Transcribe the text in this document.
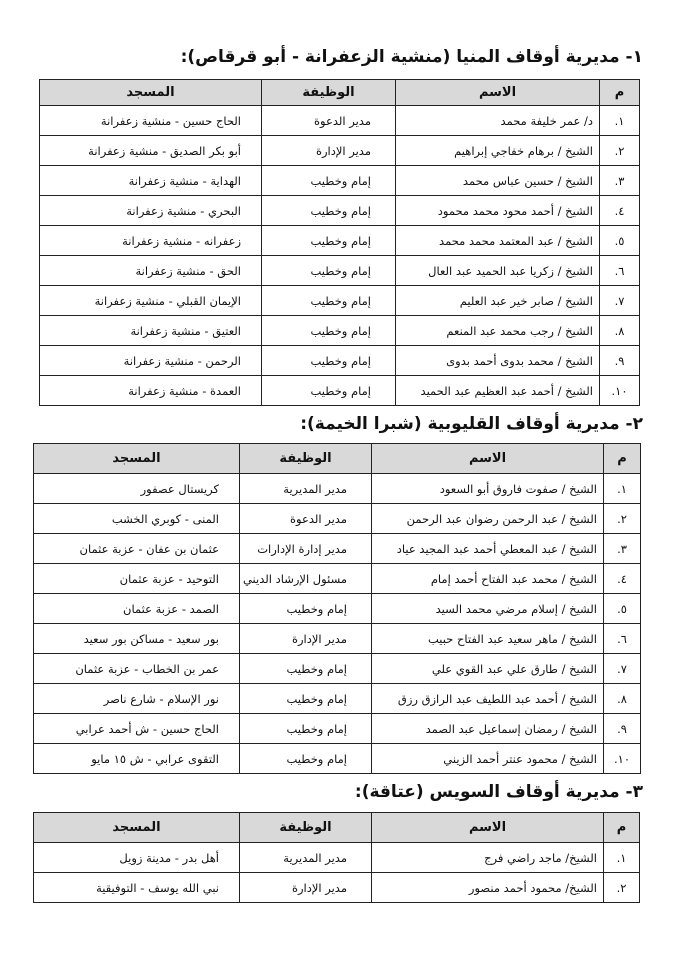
١- مديرية أوقاف المنيا (منشية الزعفرانة - أبو قرقاص):
م	الاسم	الوظيفة	المسجد
١.	د/ عمر خليفة محمد	مدير الدعوة	الحاج حسين - منشية زعفرانة
٢.	الشيخ / برهام خفاجي إبراهيم	مدير الإدارة	أبو بكر الصديق - منشية زعفرانة
٣.	الشيخ / حسين عباس محمد	إمام وخطيب	الهداية - منشية زعفرانة
٤.	الشيخ / أحمد محود محمد محمود	إمام وخطيب	البحري - منشية زعفرانة
٥.	الشيخ / عبد المعتمد محمد محمد	إمام وخطيب	زعفرانه - منشية زعفرانة
٦.	الشيخ / زكريا عبد الحميد عبد العال	إمام وخطيب	الحق - منشية زعفرانة
٧.	الشيخ / صابر خير عبد العليم	إمام وخطيب	الإيمان القبلي - منشية زعفرانة
٨.	الشيخ / رجب محمد عبد المنعم	إمام وخطيب	العتيق - منشية زعفرانة
٩.	الشيخ / محمد بدوى أحمد بدوى	إمام وخطيب	الرحمن - منشية زعفرانة
١٠.	الشيخ / أحمد عبد العظيم عبد الحميد	إمام وخطيب	العمدة - منشية زعفرانة
٢- مديرية أوقاف القليوبية (شبرا الخيمة):
م	الاسم	الوظيفة	المسجد
١.	الشيخ / صفوت فاروق أبو السعود	مدير المديرية	كريستال عصفور
٢.	الشيخ / عبد الرحمن رضوان عبد الرحمن	مدير الدعوة	المنى - كوبري الخشب
٣.	الشيخ / عبد المعطي أحمد عبد المجيد عياد	مدير إدارة الإدارات	عثمان بن عفان - عزبة عثمان
٤.	الشيخ / محمد عبد الفتاح أحمد إمام	مسئول الإرشاد الديني	التوحيد - عزبة عثمان
٥.	الشيخ / إسلام مرضي محمد السيد	إمام وخطيب	الصمد - عزبة عثمان
٦.	الشيخ / ماهر سعيد عبد الفتاح حبيب	مدير الإدارة	بور سعيد - مساكن بور سعيد
٧.	الشيخ / طارق علي عبد القوي علي	إمام وخطيب	عمر بن الخطاب - عزبة عثمان
٨.	الشيخ / أحمد عبد اللطيف عبد الرازق رزق	إمام وخطيب	نور الإسلام - شارع ناصر
٩.	الشيخ / رمضان إسماعيل عبد الصمد	إمام وخطيب	الحاج حسين - ش أحمد عرابي
١٠.	الشيخ / محمود عنتر أحمد الزيني	إمام وخطيب	التقوى عرابي - ش ١٥ مايو
٣- مديرية أوقاف السويس (عتاقة):
م	الاسم	الوظيفة	المسجد
١.	الشيخ/ ماجد راضي فرج	مدير المديرية	أهل بدر - مدينة زويل
٢.	الشيخ/ محمود أحمد منصور	مدير الإدارة	نبي الله يوسف - التوفيقية
